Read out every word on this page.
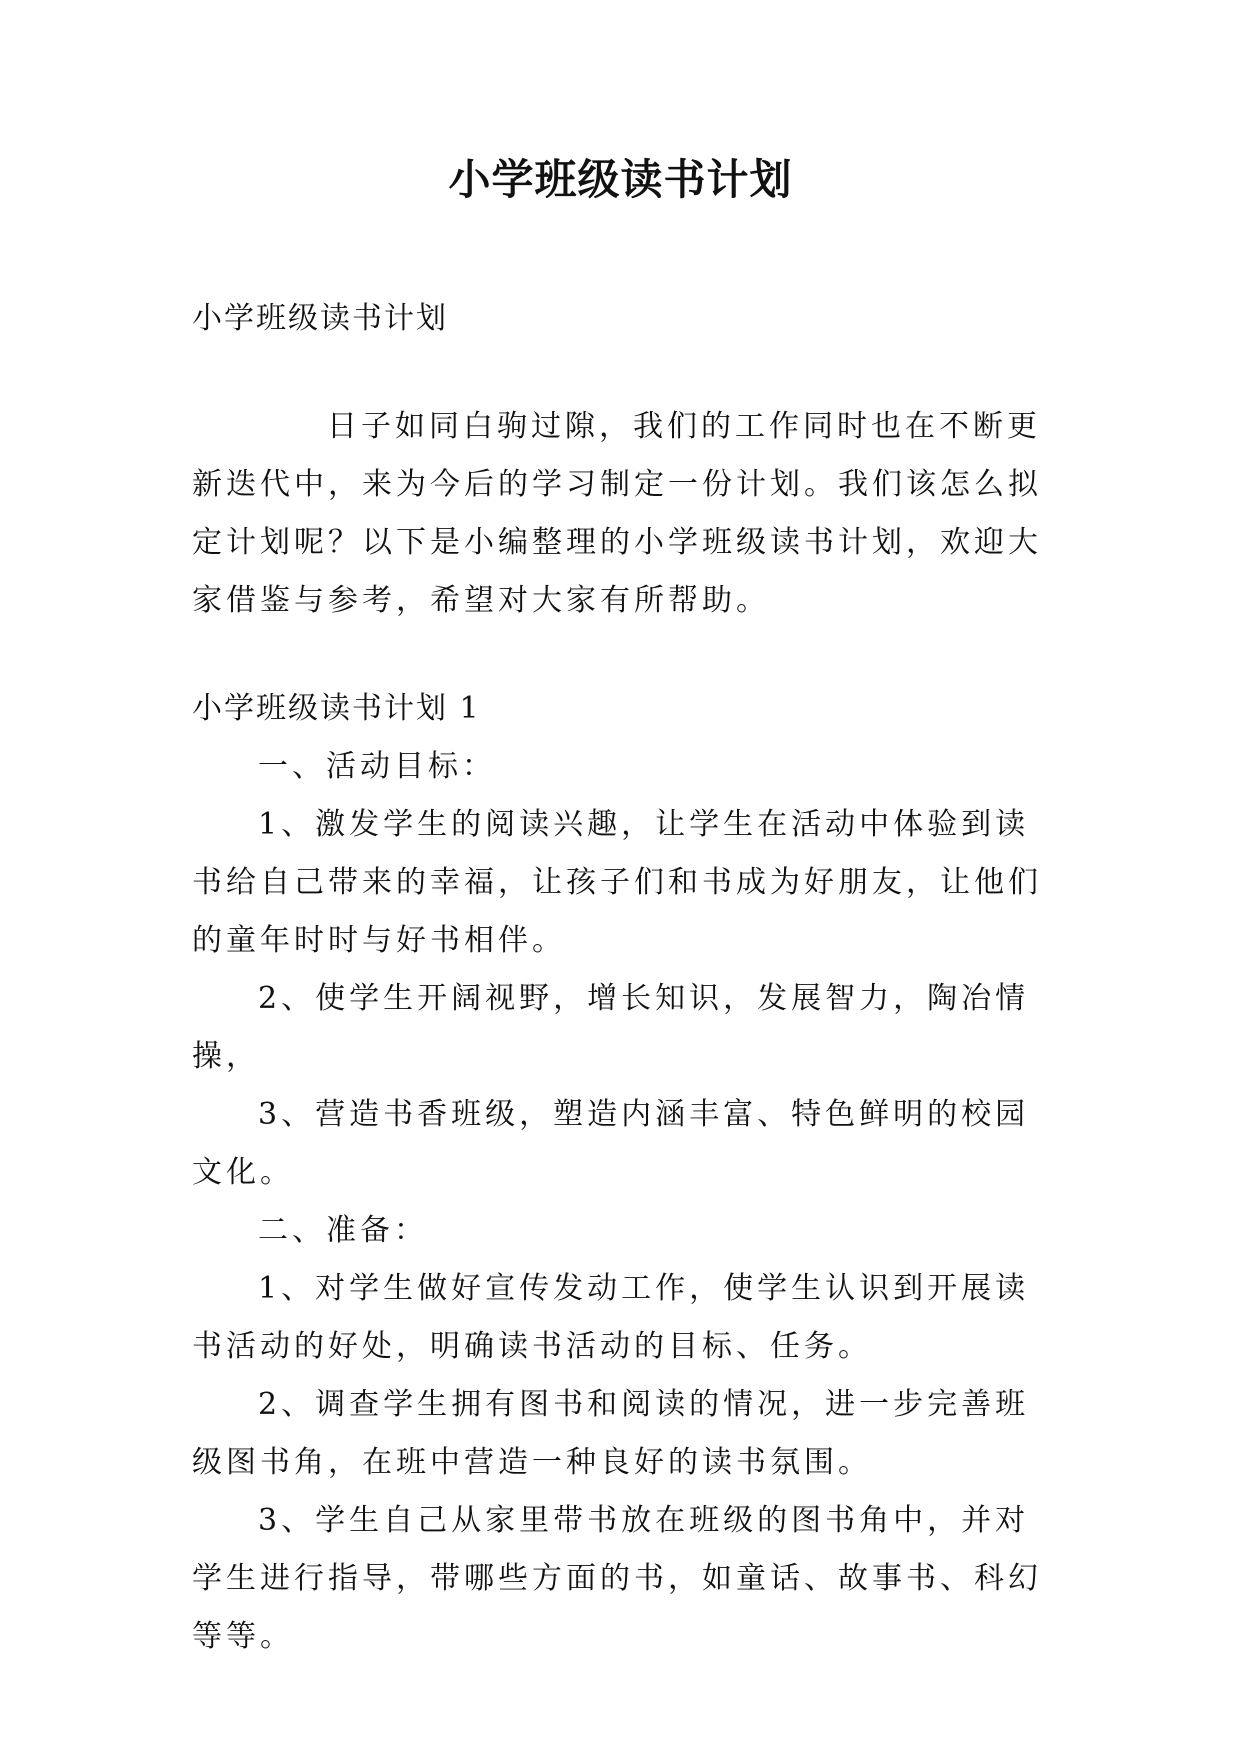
小学班级读书计划

小学班级读书计划

日子如同白驹过隙，我们的工作同时也在不断更新迭代中，来为今后的学习制定一份计划。我们该怎么拟定计划呢？以下是小编整理的小学班级读书计划，欢迎大家借鉴与参考，希望对大家有所帮助。

小学班级读书计划 1

一、活动目标：

1、激发学生的阅读兴趣，让学生在活动中体验到读书给自己带来的幸福，让孩子们和书成为好朋友，让他们的童年时时与好书相伴。

2、使学生开阔视野，增长知识，发展智力，陶冶情操，

3、营造书香班级，塑造内涵丰富、特色鲜明的校园文化。

二、准备：

1、对学生做好宣传发动工作，使学生认识到开展读书活动的好处，明确读书活动的目标、任务。

2、调查学生拥有图书和阅读的情况，进一步完善班级图书角，在班中营造一种良好的读书氛围。

3、学生自己从家里带书放在班级的图书角中，并对学生进行指导，带哪些方面的书，如童话、故事书、科幻等等。
